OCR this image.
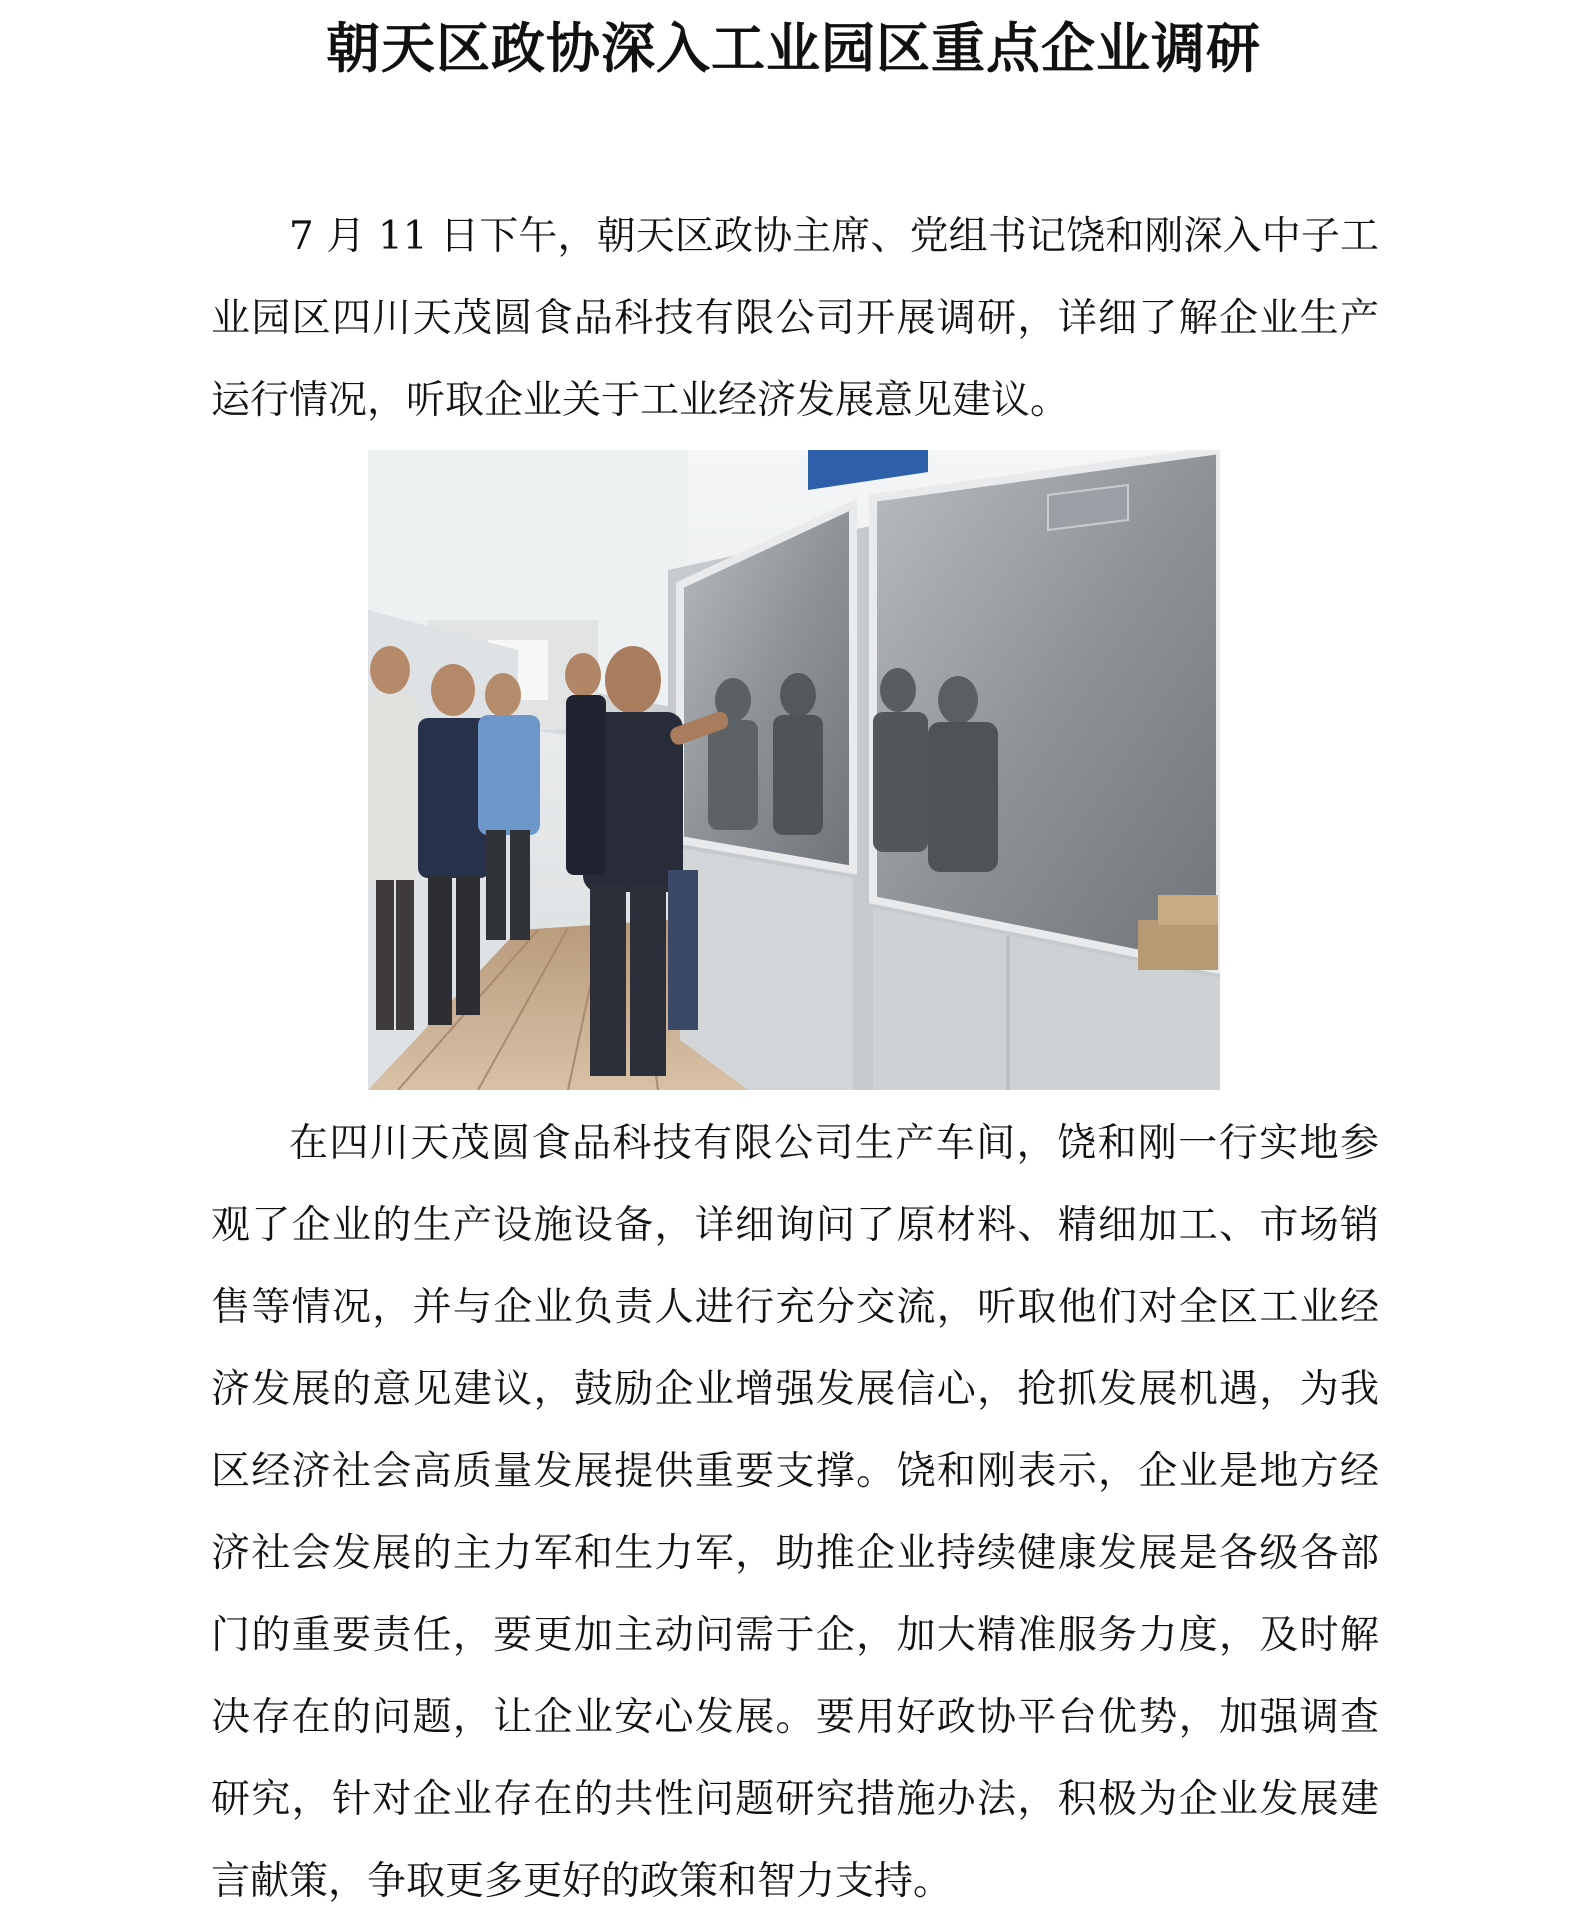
朝天区政协深入工业园区重点企业调研

7 月 11 日下午，朝天区政协主席、党组书记饶和刚深入中子工业园区四川天茂圆食品科技有限公司开展调研，详细了解企业生产运行情况，听取企业关于工业经济发展意见建议。

在四川天茂圆食品科技有限公司生产车间，饶和刚一行实地参观了企业的生产设施设备，详细询问了原材料、精细加工、市场销售等情况，并与企业负责人进行充分交流，听取他们对全区工业经济发展的意见建议，鼓励企业增强发展信心，抢抓发展机遇，为我区经济社会高质量发展提供重要支撑。饶和刚表示，企业是地方经济社会发展的主力军和生力军，助推企业持续健康发展是各级各部门的重要责任，要更加主动问需于企，加大精准服务力度，及时解决存在的问题，让企业安心发展。要用好政协平台优势，加强调查研究，针对企业存在的共性问题研究措施办法，积极为企业发展建言献策，争取更多更好的政策和智力支持。
